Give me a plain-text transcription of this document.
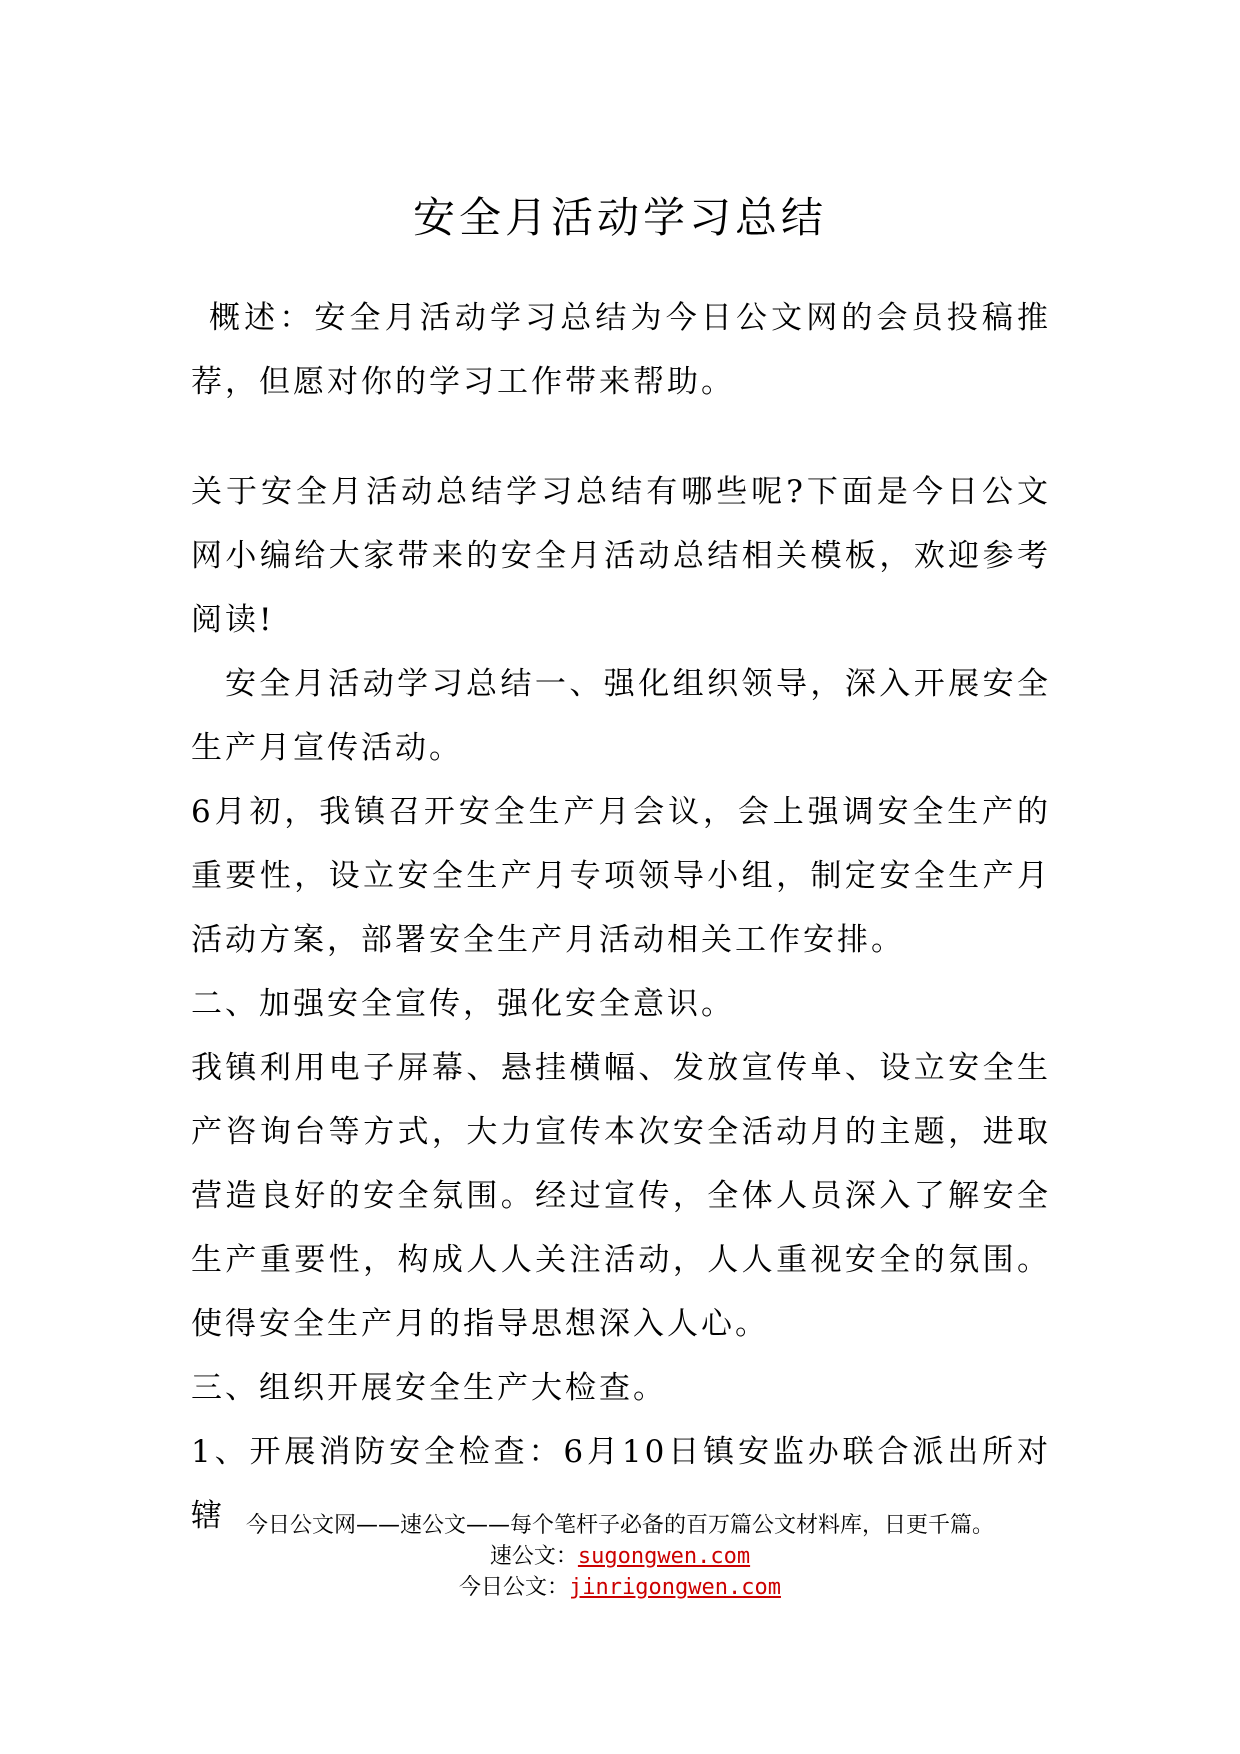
安全月活动学习总结
概述：安全月活动学习总结为今日公文网的会员投稿推荐，但愿对你的学习工作带来帮助。

关于安全月活动总结学习总结有哪些呢?下面是今日公文网小编给大家带来的安全月活动总结相关模板，欢迎参考阅读!

安全月活动学习总结一、强化组织领导，深入开展安全生产月宣传活动。

6月初，我镇召开安全生产月会议，会上强调安全生产的重要性，设立安全生产月专项领导小组，制定安全生产月活动方案，部署安全生产月活动相关工作安排。

二、加强安全宣传，强化安全意识。

我镇利用电子屏幕、悬挂横幅、发放宣传单、设立安全生产咨询台等方式，大力宣传本次安全活动月的主题，进取营造良好的安全氛围。经过宣传，全体人员深入了解安全生产重要性，构成人人关注活动，人人重视安全的氛围。使得安全生产月的指导思想深入人心。

三、组织开展安全生产大检查。

1、开展消防安全检查：6月10日镇安监办联合派出所对辖 今日公文网——速公文——每个笔杆子必备的百万篇公文材料库，日更千篇。
速公文：sugongwen.com
今日公文：jinrigongwen.com
